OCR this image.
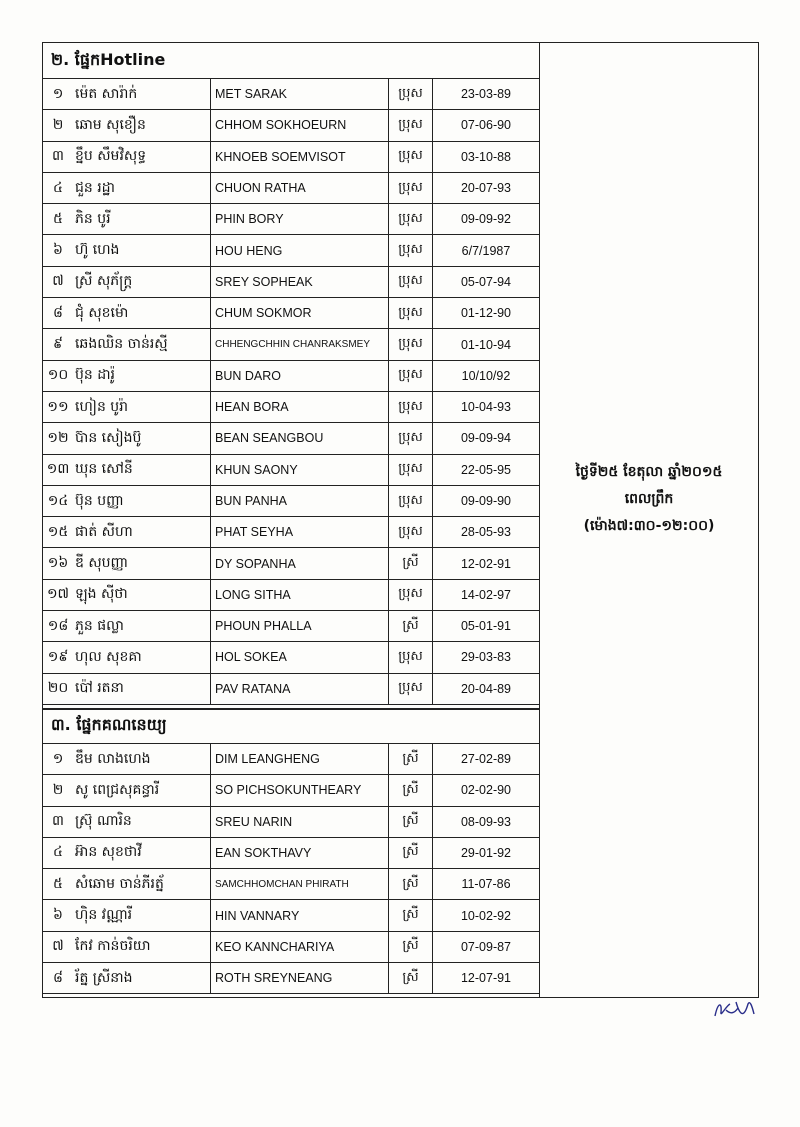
២. ផ្នែកHotline
១ ម៉េត សារ៉ាក់	MET SARAK	ប្រុស	23-03-89
២ ឆោម សុខឿន	CHHOM SOKHOEURN	ប្រុស	07-06-90
៣ ខ្នឹប សឹមវិសុទ្ធ	KHNOEB SOEMVISOT	ប្រុស	03-10-88
៤ ជួន រដ្ឋា	CHUON RATHA	ប្រុស	20-07-93
៥ ភិន បូរី	PHIN BORY	ប្រុស	09-09-92
៦ ហ៊ូ ហេង	HOU HENG	ប្រុស	6/7/1987
៧ ស្រី សុភ័ក្ត្រ	SREY SOPHEAK	ប្រុស	05-07-94
៨ ជុំ សុខម៉ោ	CHUM SOKMOR	ប្រុស	01-12-90
៩ ឆេងឈិន ចាន់រស្មី	CHHENGCHHIN CHANRAKSMEY	ប្រុស	01-10-94
១០ ប៊ុន ដារ៉ូ	BUN DARO	ប្រុស	10/10/92
១១ ហៀន បូរ៉ា	HEAN BORA	ប្រុស	10-04-93
១២ ប៊ាន សៀងប៊ូ	BEAN SEANGBOU	ប្រុស	09-09-94
១៣ ឃុន សៅនី	KHUN SAONY	ប្រុស	22-05-95
១៤ ប៊ុន បញ្ញា	BUN PANHA	ប្រុស	09-09-90
១៥ ផាត់ សីហា	PHAT SEYHA	ប្រុស	28-05-93
១៦ ឌី សុបញ្ញា	DY SOPANHA	ស្រី	12-02-91
១៧ ឡុង ស៊ីថា	LONG SITHA	ប្រុស	14-02-97
១៨ ភួន ផល្លា	PHOUN PHALLA	ស្រី	05-01-91
១៩ ហុល សុខគា	HOL SOKEA	ប្រុស	29-03-83
២០ ប៉ៅ រតនា	PAV RATANA	ប្រុស	20-04-89
៣. ផ្នែកគណនេយ្យ
១ ឌឹម លាងហេង	DIM LEANGHENG	ស្រី	27-02-89
២ សូ ពេជ្រសុគន្ធារី	SO PICHSOKUNTHEARY	ស្រី	02-02-90
៣ ស្រ៊ុ ណារិន	SREU NARIN	ស្រី	08-09-93
៤ អ៊ាន សុខថាវី	EAN SOKTHAVY	ស្រី	29-01-92
៥ សំឆោម ចាន់ភីរត្ន័	SAMCHHOMCHAN PHIRATH	ស្រី	11-07-86
៦ ហ៊ិន វណ្ណារី	HIN VANNARY	ស្រី	10-02-92
៧ កែវ កាន់ចរិយា	KEO KANNCHARIYA	ស្រី	07-09-87
៨ រ័ត្ន ស្រីនាង	ROTH SREYNEANG	ស្រី	12-07-91
ថ្ងៃទី២៥ ខែតុលា ឆ្នាំ២០១៥
ពេលព្រឹក
(ម៉ោង៧:៣០-១២:០០)
